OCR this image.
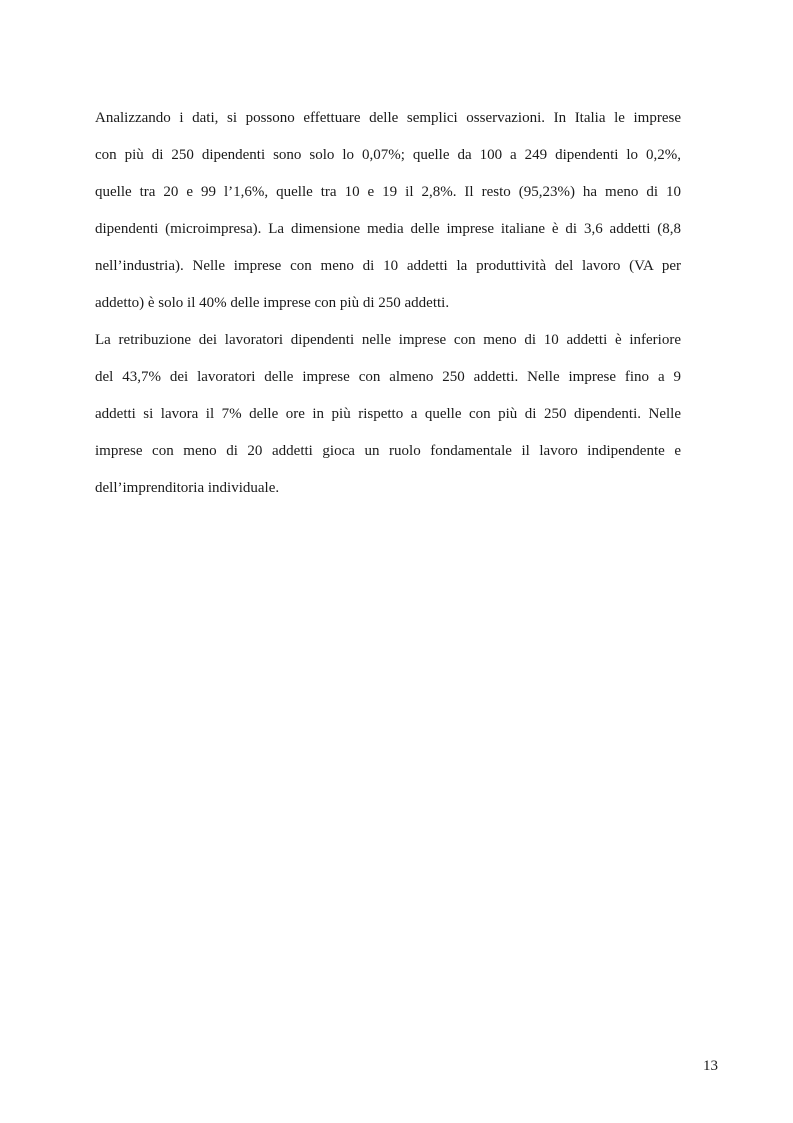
Analizzando i dati, si possono effettuare delle semplici osservazioni. In Italia le imprese
con più di 250 dipendenti sono solo lo 0,07%; quelle da 100 a 249 dipendenti lo 0,2%,
quelle tra 20 e 99 l’1,6%, quelle tra 10 e 19 il 2,8%. Il resto (95,23%) ha meno di 10
dipendenti (microimpresa). La dimensione media delle imprese italiane è di 3,6 addetti (8,8
nell’industria). Nelle imprese con meno di 10 addetti la produttività del lavoro (VA per
addetto) è solo il 40% delle imprese con più di 250 addetti.
La retribuzione dei lavoratori dipendenti nelle imprese con meno di 10 addetti è inferiore
del 43,7% dei lavoratori delle imprese con almeno 250 addetti. Nelle imprese fino a 9
addetti si lavora il 7% delle ore in più rispetto a quelle con più di 250 dipendenti. Nelle
imprese con meno di 20 addetti gioca un ruolo fondamentale il lavoro indipendente e
dell’imprenditoria individuale.
13
